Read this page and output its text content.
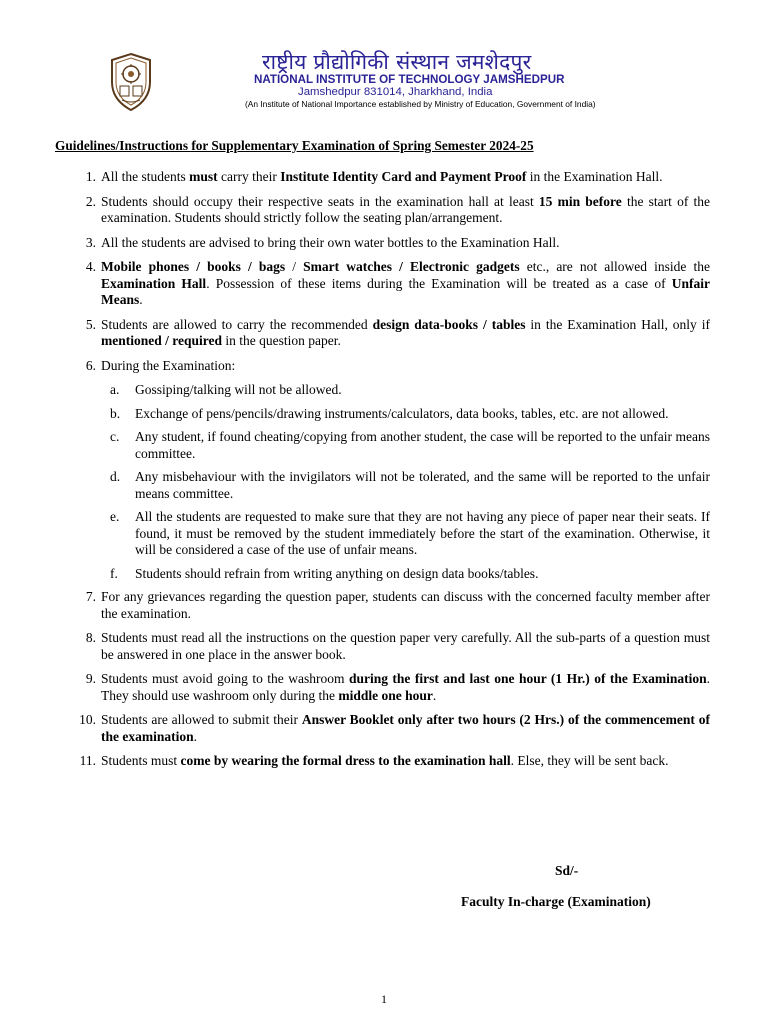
राष्ट्रीय प्रौद्योगिकी संस्थान जमशेदपुर
NATIONAL INSTITUTE OF TECHNOLOGY JAMSHEDPUR
Jamshedpur 831014, Jharkhand, India
(An Institute of National Importance established by Ministry of Education, Government of India)
Guidelines/Instructions for Supplementary Examination of Spring Semester 2024-25
1. All the students must carry their Institute Identity Card and Payment Proof in the Examination Hall.
2. Students should occupy their respective seats in the examination hall at least 15 min before the start of the examination. Students should strictly follow the seating plan/arrangement.
3. All the students are advised to bring their own water bottles to the Examination Hall.
4. Mobile phones / books / bags / Smart watches / Electronic gadgets etc., are not allowed inside the Examination Hall. Possession of these items during the Examination will be treated as a case of Unfair Means.
5. Students are allowed to carry the recommended design data-books / tables in the Examination Hall, only if mentioned / required in the question paper.
6. During the Examination:
a. Gossiping/talking will not be allowed.
b. Exchange of pens/pencils/drawing instruments/calculators, data books, tables, etc. are not allowed.
c. Any student, if found cheating/copying from another student, the case will be reported to the unfair means committee.
d. Any misbehaviour with the invigilators will not be tolerated, and the same will be reported to the unfair means committee.
e. All the students are requested to make sure that they are not having any piece of paper near their seats. If found, it must be removed by the student immediately before the start of the examination. Otherwise, it will be considered a case of the use of unfair means.
f.	Students should refrain from writing anything on design data books/tables.
7. For any grievances regarding the question paper, students can discuss with the concerned faculty member after the examination.
8. Students must read all the instructions on the question paper very carefully. All the sub-parts of a question must be answered in one place in the answer book.
9. Students must avoid going to the washroom during the first and last one hour (1 Hr.) of the Examination. They should use washroom only during the middle one hour.
10. Students are allowed to submit their Answer Booklet only after two hours (2 Hrs.) of the commencement of the examination.
11. Students must come by wearing the formal dress to the examination hall. Else, they will be sent back.
Sd/-
Faculty In-charge (Examination)
1
